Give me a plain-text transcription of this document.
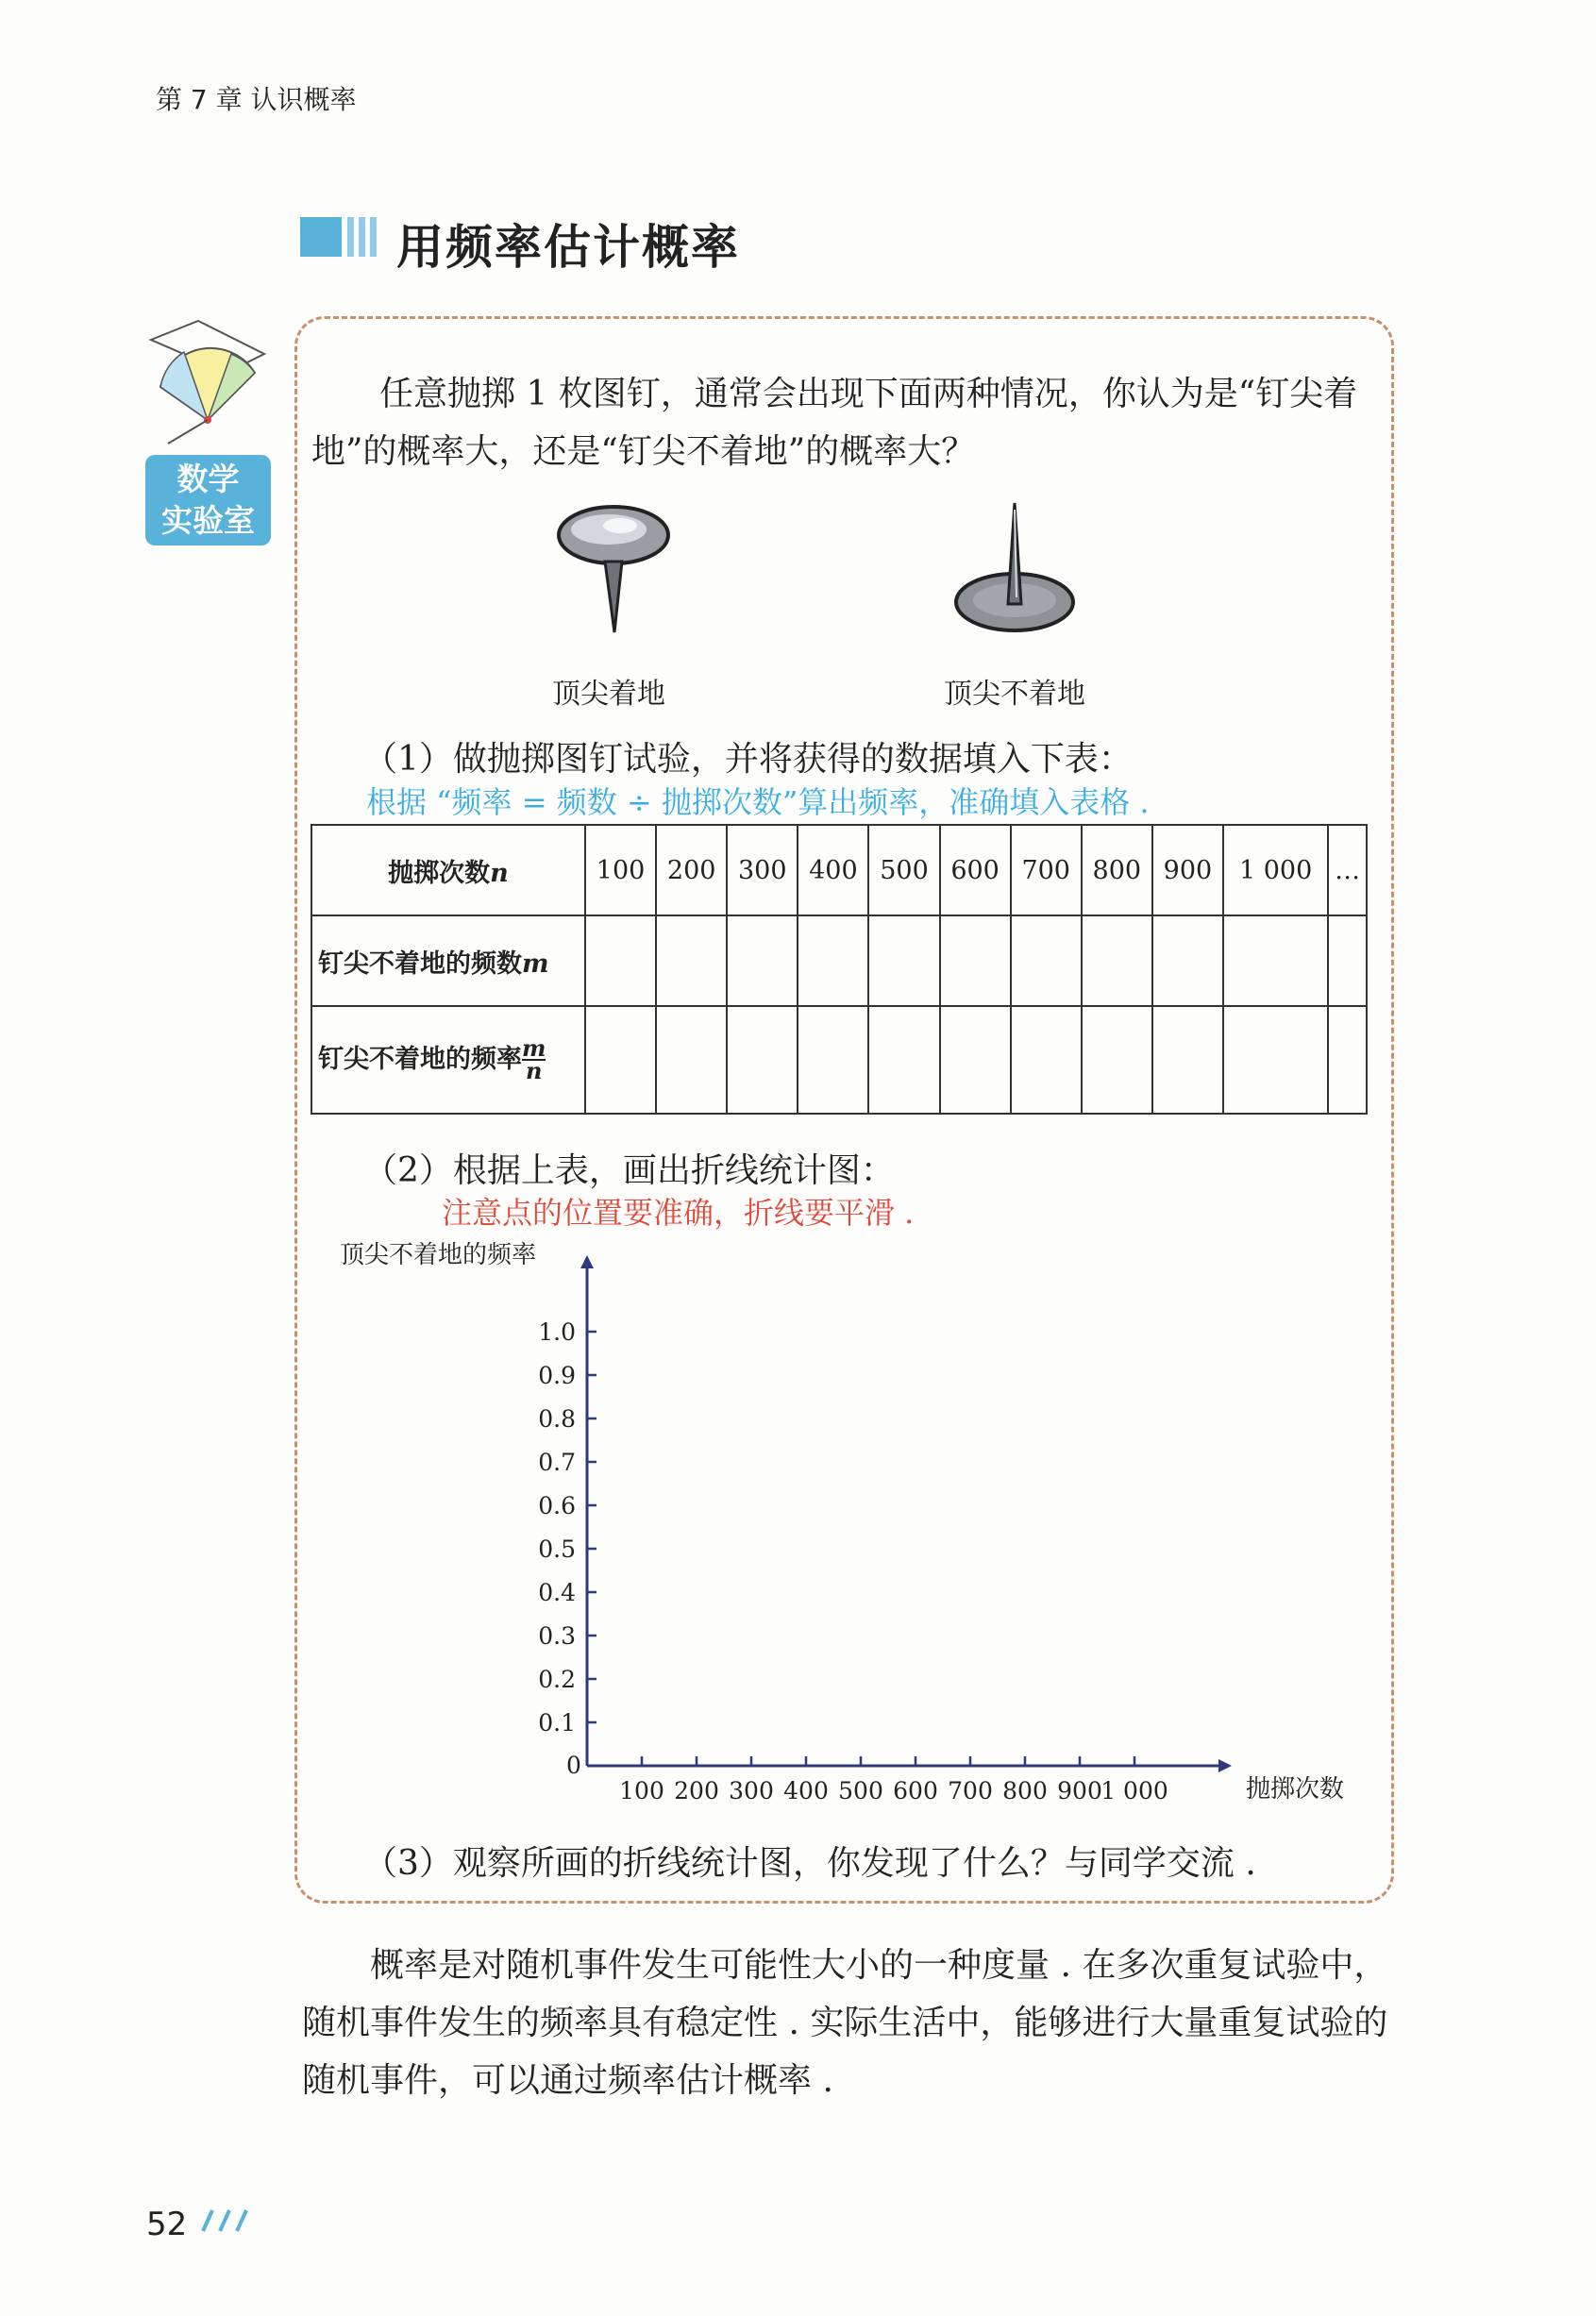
第 7 章 认识概率
用频率估计概率
数学
实验室
任意抛掷 1 枚图钉，通常会出现下面两种情况，你认为是“钉尖着地”的概率大，还是“钉尖不着地”的概率大？
顶尖着地	顶尖不着地
（1）做抛掷图钉试验，并将获得的数据填入下表：
根据 “频率 = 频数 ÷ 抛掷次数”算出频率，准确填入表格 .
抛掷次数n	100	200	300	400	500	600	700	800	900	1 000	…
钉尖不着地的频数m											
钉尖不着地的频率 $\frac{m}{n}$

（2）根据上表，画出折线统计图：
注意点的位置要准确，折线要平滑 .
顶尖不着地的频率
抛掷次数
0
1.0
0.9
0.8
0.7
0.6
0.5
0.4
0.3
0.2
0.1
100 200 300 400 500 600 700 800 900
1 000
（3）观察所画的折线统计图，你发现了什么？与同学交流 .
概率是对随机事件发生可能性大小的一种度量 . 在多次重复试验中，随机事件发生的频率具有稳定性 . 实际生活中，能够进行大量重复试验的随机事件，可以通过频率估计概率 .
52
